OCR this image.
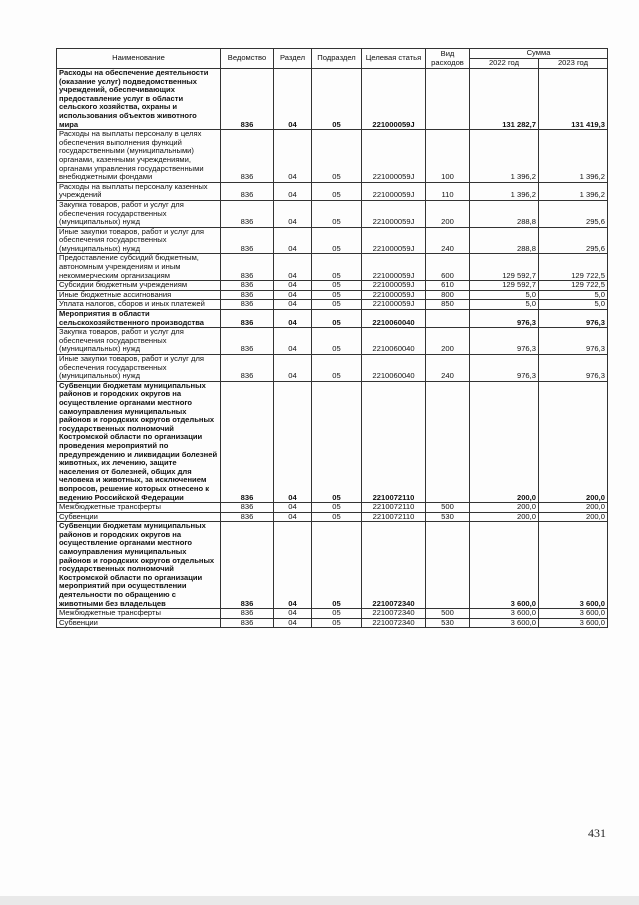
Наименование	Ведомство	Раздел	Подраздел	Целевая статья	Вид расходов	Сумма	
						2022 год	2023 год
Расходы на обеспечение деятельности (оказание услуг) подведомственных учреждений, обеспечивающих предоставление услуг в области сельского хозяйства, охраны и использования объектов животного мира	836	04	05	221000059J		131 282,7	131 419,3
Расходы на выплаты персоналу в целях обеспечения выполнения функций государственными (муниципальными) органами, казенными учреждениями, органами управления государственными внебюджетными фондами	836	04	05	221000059J	100	1 396,2	1 396,2
Расходы на выплаты персоналу казенных учреждений	836	04	05	221000059J	110	1 396,2	1 396,2
Закупка товаров, работ и услуг для обеспечения государственных (муниципальных) нужд	836	04	05	221000059J	200	288,8	295,6
Иные закупки товаров, работ и услуг для обеспечения государственных (муниципальных) нужд	836	04	05	221000059J	240	288,8	295,6
Предоставление субсидий бюджетным, автономным учреждениям и иным некоммерческим организациям	836	04	05	221000059J	600	129 592,7	129 722,5
Субсидии бюджетным учреждениям	836	04	05	221000059J	610	129 592,7	129 722,5
Иные бюджетные ассигнования	836	04	05	221000059J	800	5,0	5,0
Уплата налогов, сборов и иных платежей	836	04	05	221000059J	850	5,0	5,0
Мероприятия в области сельскохозяйственного производства	836	04	05	2210060040		976,3	976,3
Закупка товаров, работ и услуг для обеспечения государственных (муниципальных) нужд	836	04	05	2210060040	200	976,3	976,3
Иные закупки товаров, работ и услуг для обеспечения государственных (муниципальных) нужд	836	04	05	2210060040	240	976,3	976,3
Субвенции бюджетам муниципальных районов и городских округов на осуществление органами местного самоуправления муниципальных районов и городских округов отдельных государственных полномочий Костромской области по организации проведения мероприятий по предупреждению и ликвидации болезней животных, их лечению, защите населения от болезней, общих для человека и животных, за исключением вопросов, решение которых отнесено к ведению Российской Федерации	836	04	05	2210072110		200,0	200,0
Межбюджетные трансферты	836	04	05	2210072110	500	200,0	200,0
Субвенции	836	04	05	2210072110	530	200,0	200,0
Субвенции бюджетам муниципальных районов и городских округов на осуществление органами местного самоуправления муниципальных районов и городских округов отдельных государственных полномочий Костромской области по организации мероприятий при осуществлении деятельности по обращению с животными без владельцев	836	04	05	2210072340		3 600,0	3 600,0
Межбюджетные трансферты	836	04	05	2210072340	500	3 600,0	3 600,0
Субвенции	836	04	05	2210072340	530	3 600,0	3 600,0
431
